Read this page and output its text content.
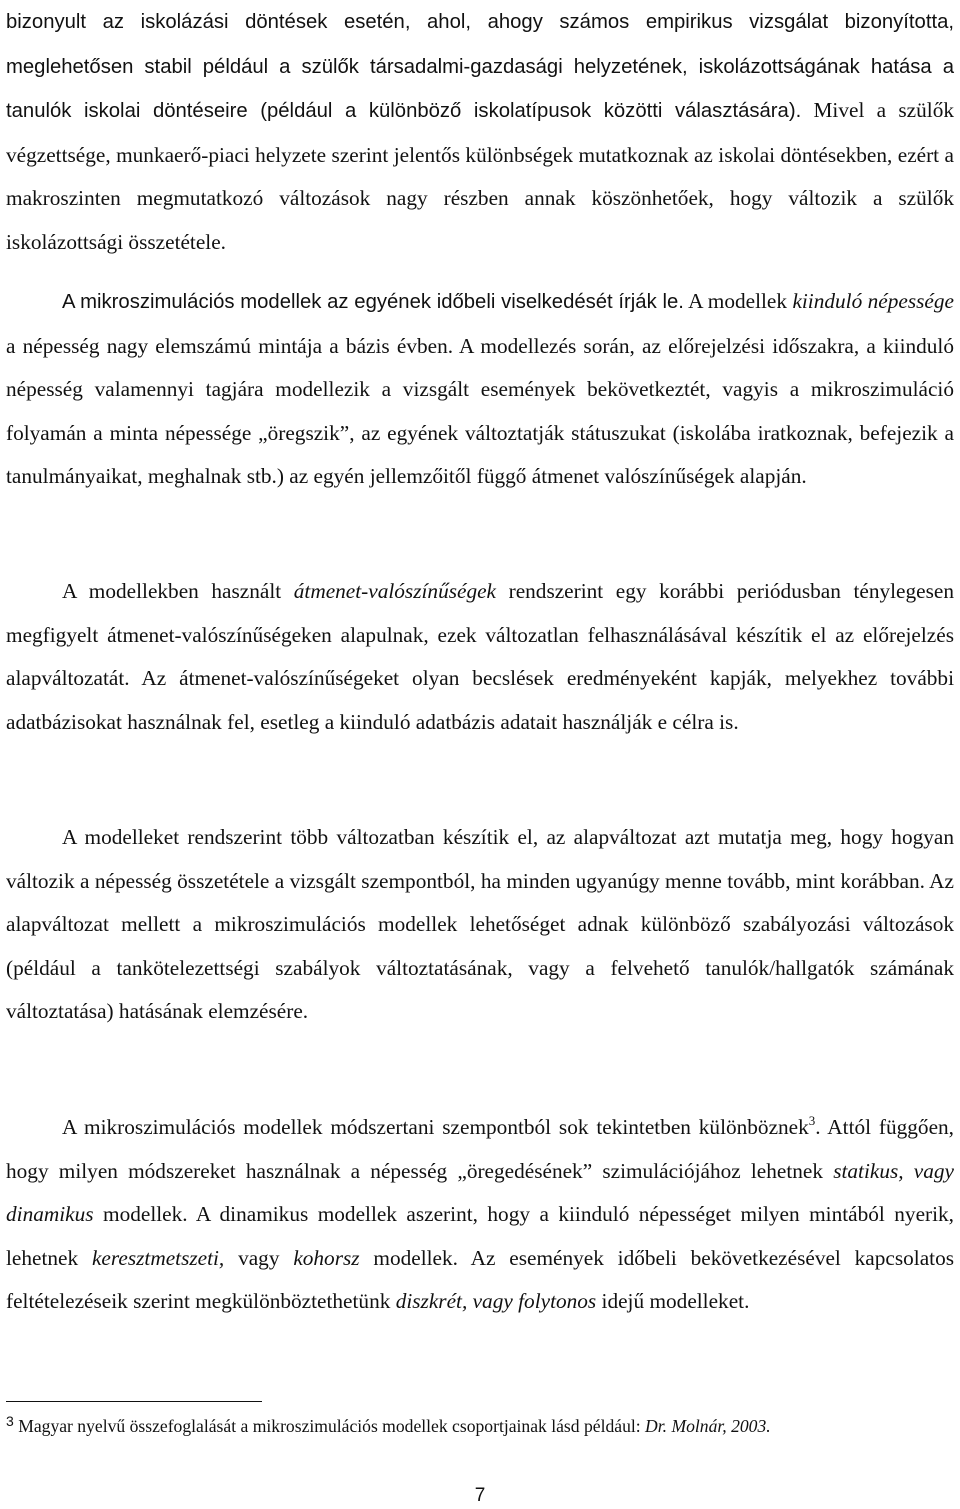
bizonyult az iskolázási döntések esetén, ahol, ahogy számos empirikus vizsgálat bizonyította, meglehetősen stabil például a szülők társadalmi-gazdasági helyzetének, iskolázottságának hatása a tanulók iskolai döntéseire (például a különböző iskolatípusok közötti választására). Mivel a szülők végzettsége, munkaerő-piaci helyzete szerint jelentős különbségek mutatkoznak az iskolai döntésekben, ezért a makroszinten megmutatkozó változások nagy részben annak köszönhetőek, hogy változik a szülők iskolázottsági összetétele.

A mikroszimulációs modellek az egyének időbeli viselkedését írják le. A modellek kiinduló népessége a népesség nagy elemszámú mintája a bázis évben. A modellezés során, az előrejelzési időszakra, a kiinduló népesség valamennyi tagjára modellezik a vizsgált események bekövetkeztét, vagyis a mikroszimuláció folyamán a minta népessége „öregszik”, az egyének változtatják státuszukat (iskolába iratkoznak, befejezik a tanulmányaikat, meghalnak stb.) az egyén jellemzőitől függő átmenet valószínűségek alapján.

A modellekben használt átmenet-valószínűségek rendszerint egy korábbi periódusban ténylegesen megfigyelt átmenet-valószínűségeken alapulnak, ezek változatlan felhasználásával készítik el az előrejelzés alapváltozatát. Az átmenet-valószínűségeket olyan becslések eredményeként kapják, melyekhez további adatbázisokat használnak fel, esetleg a kiinduló adatbázis adatait használják e célra is.

A modelleket rendszerint több változatban készítik el, az alapváltozat azt mutatja meg, hogy hogyan változik a népesség összetétele a vizsgált szempontból, ha minden ugyanúgy menne tovább, mint korábban. Az alapváltozat mellett a mikroszimulációs modellek lehetőséget adnak különböző szabályozási változások (például a tankötelezettségi szabályok változtatásának, vagy a felvehető tanulók/hallgatók számának változtatása) hatásának elemzésére.

A mikroszimulációs modellek módszertani szempontból sok tekintetben különböznek$^3$. Attól függően, hogy milyen módszereket használnak a népesség „öregedésének” szimulációjához lehetnek statikus, vagy dinamikus modellek. A dinamikus modellek aszerint, hogy a kiinduló népességet milyen mintából nyerik, lehetnek keresztmetszeti, vagy kohorsz modellek. Az események időbeli bekövetkezésével kapcsolatos feltételezéseik szerint megkülönböztethetünk diszkrét, vagy folytonos idejű modelleket.

$^3$ Magyar nyelvű összefoglalását a mikroszimulációs modellek csoportjainak lásd például: Dr. Molnár, 2003.

7
